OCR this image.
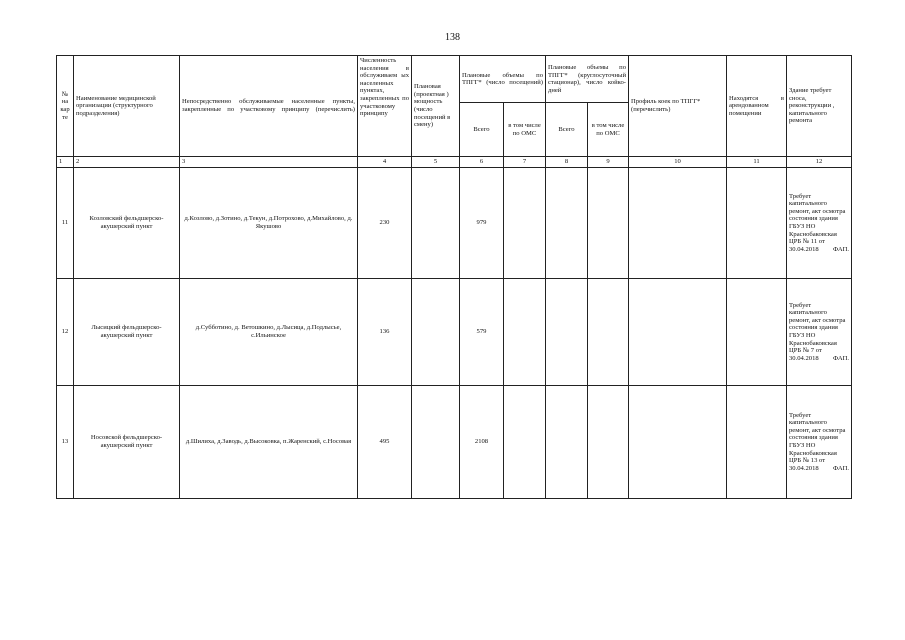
138
№ на кар те	Наименование медицинской организации (структурного подразделения)	Непосредственно обслуживаемые населенные пункты, закрепленные по участковому принципу (перечислить)	Численность населения в обслуживаем ых населенных пунктах, закрепленных по участковому принципу	Плановая (проектная ) мощность (число посещений в смену)	Плановые объемы по ТПГГ* (число посещений)		Плановые объемы по ТПГГ* (круглосуточный стационар), число койко-дней		Профиль коек по ТПГГ* (перечислить)	Находятся в арендованном помещении	Здание требует сноса, реконструкции , капитального ремонта
					Всего	в том числе по ОМС	Всего	в том числе по ОМС			
1	2	3	4	5	6	7	8	9	10	11	12
11	Козловский фельдшерско-акушерский пункт	д.Козлово, д.Зотино, д.Текун, д.Потрохово, д.Михайлово, д. Якушово	230		979						Требует капитального ремонт, акт осмотра состояния здания ГБУЗ НО Краснобаковская ЦРБ № 11 от 30.04.2018 ФАП.
12	Лысицкий фельдшерско-акушерский пункт	д.Субботино, д. Ветошкино, д.Лысица, д.Подлысье, с.Ильинское	136		579						Требует капитального ремонт, акт осмотра состояния здания ГБУЗ НО Краснобаковская ЦРБ № 7 от 30.04.2018 ФАП.
13	Носовской фельдшерско-акушерский пункт	д.Шилиха, д.Заводь, д.Высоковка, п.Жаренский, с.Носовая	495		2108						Требует капитального ремонт, акт осмотра состояния здания ГБУЗ НО Краснобаковская ЦРБ № 13 от 30.04.2018 ФАП.
